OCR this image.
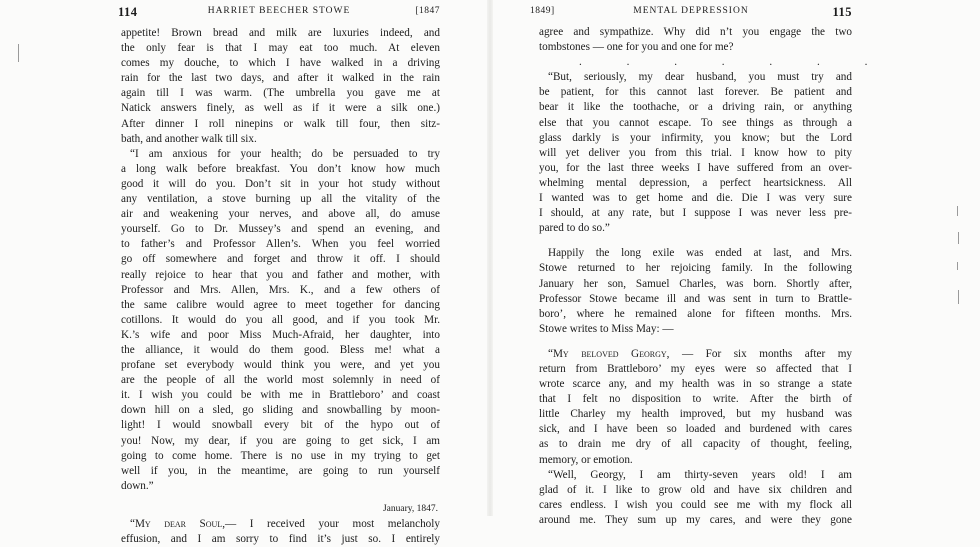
114	HARRIET BEECHER STOWE	[1847
appetite! Brown bread and milk are luxuries indeed, and
the only fear is that I may eat too much. At eleven
comes my douche, to which I have walked in a driving
rain for the last two days, and after it walked in the rain
again till I was warm. (The umbrella you gave me at
Natick answers finely, as well as if it were a silk one.)
After dinner I roll ninepins or walk till four, then sitz-
bath, and another walk till six.
“I am anxious for your health; do be persuaded to try
a long walk before breakfast. You don’t know how much
good it will do you. Don’t sit in your hot study without
any ventilation, a stove burning up all the vitality of the
air and weakening your nerves, and above all, do amuse
yourself. Go to Dr. Mussey’s and spend an evening, and
to father’s and Professor Allen’s. When you feel worried
go off somewhere and forget and throw it off. I should
really rejoice to hear that you and father and mother, with
Professor and Mrs. Allen, Mrs. K., and a few others of
the same calibre would agree to meet together for dancing
cotillons. It would do you all good, and if you took Mr.
K.’s wife and poor Miss Much-Afraid, her daughter, into
the alliance, it would do them good. Bless me! what a
profane set everybody would think you were, and yet you
are the people of all the world most solemnly in need of
it. I wish you could be with me in Brattleboro’ and coast
down hill on a sled, go sliding and snowballing by moon-
light! I would snowball every bit of the hypo out of
you! Now, my dear, if you are going to get sick, I am
going to come home. There is no use in my trying to get
well if you, in the meantime, are going to run yourself
down.”
January, 1847.
“My dear Soul,— I received your most melancholy
effusion, and I am sorry to find it’s just so. I entirely
1849]	MENTAL DEPRESSION	115
agree and sympathize. Why did n’t you engage the two
tombstones — one for you and one for me?
. . . . . . .
“But, seriously, my dear husband, you must try and
be patient, for this cannot last forever. Be patient and
bear it like the toothache, or a driving rain, or anything
else that you cannot escape. To see things as through a
glass darkly is your infirmity, you know; but the Lord
will yet deliver you from this trial. I know how to pity
you, for the last three weeks I have suffered from an over-
whelming mental depression, a perfect heartsickness. All
I wanted was to get home and die. Die I was very sure
I should, at any rate, but I suppose I was never less pre-
pared to do so.”
Happily the long exile was ended at last, and Mrs.
Stowe returned to her rejoicing family. In the following
January her son, Samuel Charles, was born. Shortly after,
Professor Stowe became ill and was sent in turn to Brattle-
boro’, where he remained alone for fifteen months. Mrs.
Stowe writes to Miss May: —
“My beloved Georgy, — For six months after my
return from Brattleboro’ my eyes were so affected that I
wrote scarce any, and my health was in so strange a state
that I felt no disposition to write. After the birth of
little Charley my health improved, but my husband was
sick, and I have been so loaded and burdened with cares
as to drain me dry of all capacity of thought, feeling,
memory, or emotion.
“Well, Georgy, I am thirty-seven years old! I am
glad of it. I like to grow old and have six children and
cares endless. I wish you could see me with my flock all
around me. They sum up my cares, and were they gone
